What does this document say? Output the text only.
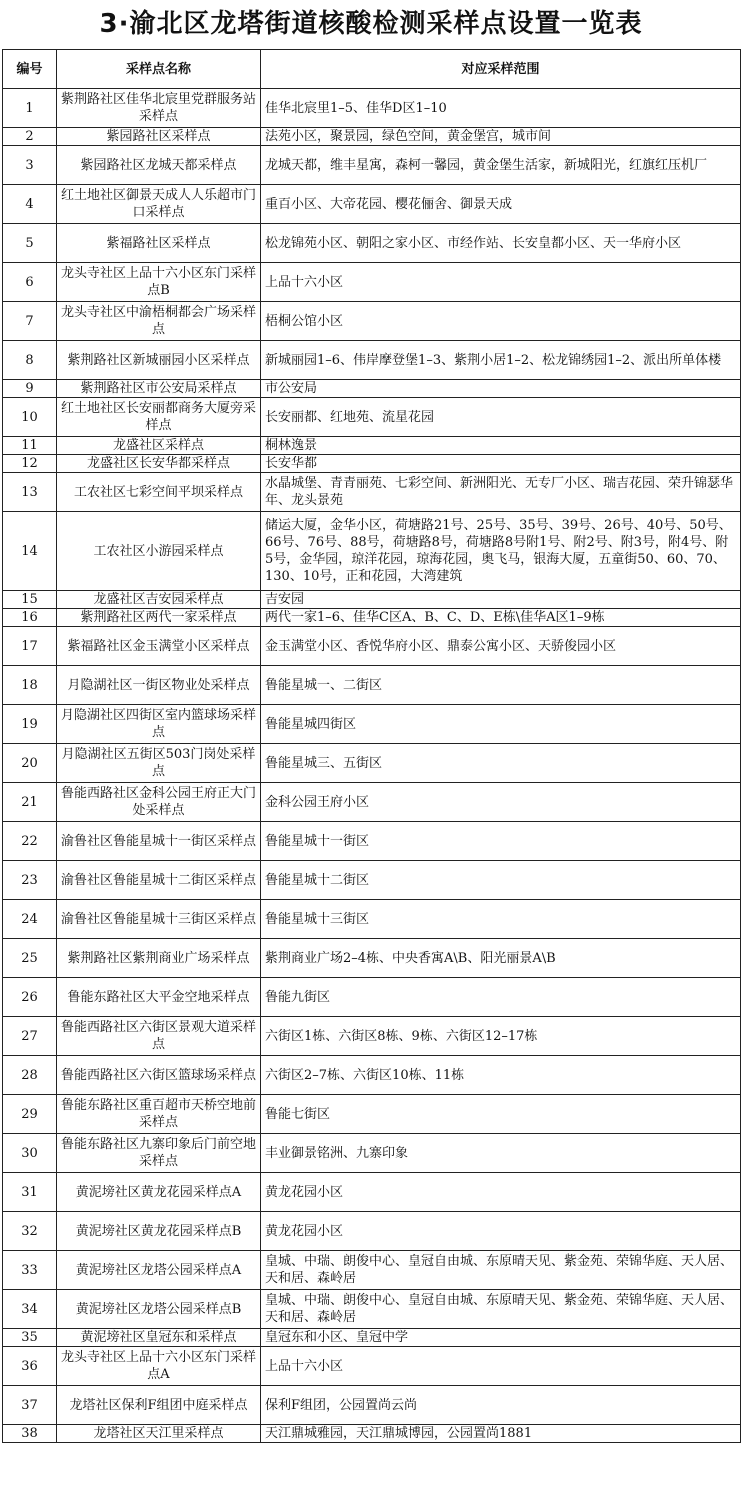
3·渝北区龙塔街道核酸检测采样点设置一览表
编号	采样点名称	对应采样范围
1	紫荆路社区佳华北宸里党群服务站采样点	佳华北宸里1–5、佳华D区1–10
2	紫园路社区采样点	法苑小区，聚景园，绿色空间，黄金堡宫，城市间
3	紫园路社区龙城天都采样点	龙城天都，维丰星寓，森柯一馨园，黄金堡生活家，新城阳光，红旗红压机厂
4	红土地社区御景天成人人乐超市门口采样点	重百小区、大帝花园、樱花俪舍、御景天成
5	紫福路社区采样点	松龙锦苑小区、朝阳之家小区、市经作站、长安皇都小区、天一华府小区
6	龙头寺社区上品十六小区东门采样点B	上品十六小区
7	龙头寺社区中渝梧桐都会广场采样点	梧桐公馆小区
8	紫荆路社区新城丽园小区采样点	新城丽园1–6、伟岸摩登堡1–3、紫荆小居1–2、松龙锦绣园1–2、派出所单体楼
9	紫荆路社区市公安局采样点	市公安局
10	红土地社区长安丽都商务大厦旁采样点	长安丽都、红地苑、流星花园
11	龙盛社区采样点	桐林逸景
12	龙盛社区长安华都采样点	长安华都
13	工农社区七彩空间平坝采样点	水晶城堡、青青丽苑、七彩空间、新洲阳光、无专厂小区、瑞吉花园、荣升锦瑟华年、龙头景苑
14	工农社区小游园采样点	储运大厦，金华小区，荷塘路21号、25号、35号、39号、26号、40号、50号、66号、76号、88号，荷塘路8号，荷塘路8号附1号、附2号、附3号，附4号、附5号，金华园，琼洋花园，琼海花园，奥飞马，银海大厦，五童街50、60、70、130、10号，正和花园，大湾建筑
15	龙盛社区吉安园采样点	吉安园
16	紫荆路社区两代一家采样点	两代一家1–6、佳华C区A、B、C、D、E栋\佳华A区1–9栋
17	紫福路社区金玉满堂小区采样点	金玉满堂小区、香悦华府小区、鼎泰公寓小区、天骄俊园小区
18	月隐湖社区一街区物业处采样点	鲁能星城一、二街区
19	月隐湖社区四街区室内篮球场采样点	鲁能星城四街区
20	月隐湖社区五街区503门岗处采样点	鲁能星城三、五街区
21	鲁能西路社区金科公园王府正大门处采样点	金科公园王府小区
22	渝鲁社区鲁能星城十一街区采样点	鲁能星城十一街区
23	渝鲁社区鲁能星城十二街区采样点	鲁能星城十二街区
24	渝鲁社区鲁能星城十三街区采样点	鲁能星城十三街区
25	紫荆路社区紫荆商业广场采样点	紫荆商业广场2–4栋、中央香寓A\B、阳光丽景A\B
26	鲁能东路社区大平金空地采样点	鲁能九街区
27	鲁能西路社区六街区景观大道采样点	六街区1栋、六街区8栋、9栋、六街区12–17栋
28	鲁能西路社区六街区篮球场采样点	六街区2–7栋、六街区10栋、11栋
29	鲁能东路社区重百超市天桥空地前采样点	鲁能七街区
30	鲁能东路社区九寨印象后门前空地采样点	丰业御景铭洲、九寨印象
31	黄泥塝社区黄龙花园采样点A	黄龙花园小区
32	黄泥塝社区黄龙花园采样点B	黄龙花园小区
33	黄泥塝社区龙塔公园采样点A	皇城、中瑞、朗俊中心、皇冠自由城、东原晴天见、紫金苑、荣锦华庭、天人居、天和居、森岭居
34	黄泥塝社区龙塔公园采样点B	皇城、中瑞、朗俊中心、皇冠自由城、东原晴天见、紫金苑、荣锦华庭、天人居、天和居、森岭居
35	黄泥塝社区皇冠东和采样点	皇冠东和小区、皇冠中学
36	龙头寺社区上品十六小区东门采样点A	上品十六小区
37	龙塔社区保利F组团中庭采样点	保利F组团，公园置尚云尚
38	龙塔社区天江里采样点	天江鼎城雅园，天江鼎城博园，公园置尚1881
